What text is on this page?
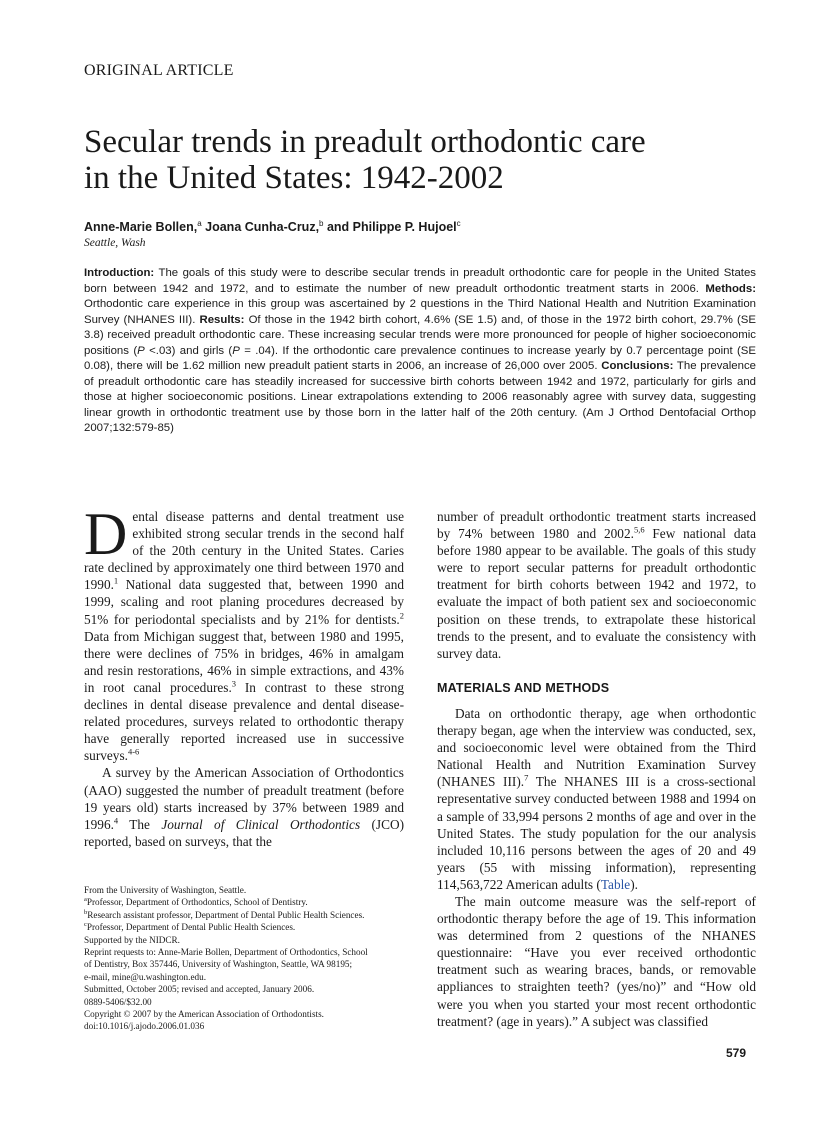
ORIGINAL ARTICLE
Secular trends in preadult orthodontic care
in the United States: 1942-2002
Anne-Marie Bollen,$^a$ Joana Cunha-Cruz,$^b$ and Philippe P. Hujoel$^c$
Seattle, Wash
Introduction: The goals of this study were to describe secular trends in preadult orthodontic care for people in the United States born between 1942 and 1972, and to estimate the number of new preadult orthodontic treatment starts in 2006. Methods: Orthodontic care experience in this group was ascertained by 2 questions in the Third National Health and Nutrition Examination Survey (NHANES III). Results: Of those in the 1942 birth cohort, 4.6% (SE 1.5) and, of those in the 1972 birth cohort, 29.7% (SE 3.8) received preadult orthodontic care. These increasing secular trends were more pronounced for people of higher socioeconomic positions (P <.03) and girls (P = .04). If the orthodontic care prevalence continues to increase yearly by 0.7 percentage point (SE 0.08), there will be 1.62 million new preadult patient starts in 2006, an increase of 26,000 over 2005. Conclusions: The prevalence of preadult orthodontic care has steadily increased for successive birth cohorts between 1942 and 1972, particularly for girls and those at higher socioeconomic positions. Linear extrapolations extending to 2006 reasonably agree with survey data, suggesting linear growth in orthodontic treatment use by those born in the latter half of the 20th century. (Am J Orthod Dentofacial Orthop 2007;132:579-85)

Dental disease patterns and dental treatment use exhibited strong secular trends in the second half of the 20th century in the United States. Caries rate declined by approximately one third between 1970 and 1990.$^1$ National data suggested that, between 1990 and 1999, scaling and root planing procedures decreased by 51% for periodontal specialists and by 21% for dentists.$^2$ Data from Michigan suggest that, between 1980 and 1995, there were declines of 75% in bridges, 46% in amalgam and resin restorations, 46% in simple extractions, and 43% in root canal procedures.$^3$ In contrast to these strong declines in dental disease prevalence and dental disease-related procedures, surveys related to orthodontic therapy have generally reported increased use in successive surveys.$^{4-6}$

A survey by the American Association of Orthodontics (AAO) suggested the number of preadult treatment (before 19 years old) starts increased by 37% between 1989 and 1996.$^4$ The Journal of Clinical Orthodontics (JCO) reported, based on surveys, that the

From the University of Washington, Seattle.
$^a$Professor, Department of Orthodontics, School of Dentistry.
$^b$Research assistant professor, Department of Dental Public Health Sciences.
$^c$Professor, Department of Dental Public Health Sciences.
Supported by the NIDCR.
Reprint requests to: Anne-Marie Bollen, Department of Orthodontics, School
of Dentistry, Box 357446, University of Washington, Seattle, WA 98195;
e-mail, mine@u.washington.edu.
Submitted, October 2005; revised and accepted, January 2006.
0889-5406/$32.00
Copyright © 2007 by the American Association of Orthodontists.
doi:10.1016/j.ajodo.2006.01.036

number of preadult orthodontic treatment starts increased by 74% between 1980 and 2002.$^{5,6}$ Few national data before 1980 appear to be available. The goals of this study were to report secular patterns for preadult orthodontic treatment for birth cohorts between 1942 and 1972, to evaluate the impact of both patient sex and socioeconomic position on these trends, to extrapolate these historical trends to the present, and to evaluate the consistency with survey data.

MATERIALS AND METHODS

Data on orthodontic therapy, age when orthodontic therapy began, age when the interview was conducted, sex, and socioeconomic level were obtained from the Third National Health and Nutrition Examination Survey (NHANES III).$^7$ The NHANES III is a cross-sectional representative survey conducted between 1988 and 1994 on a sample of 33,994 persons 2 months of age and over in the United States. The study population for the our analysis included 10,116 persons between the ages of 20 and 49 years (55 with missing information), representing 114,563,722 American adults (Table).

The main outcome measure was the self-report of orthodontic therapy before the age of 19. This information was determined from 2 questions of the NHANES questionnaire: “Have you ever received orthodontic treatment such as wearing braces, bands, or removable appliances to straighten teeth? (yes/no)” and “How old were you when you started your most recent orthodontic treatment? (age in years).” A subject was classified

579
